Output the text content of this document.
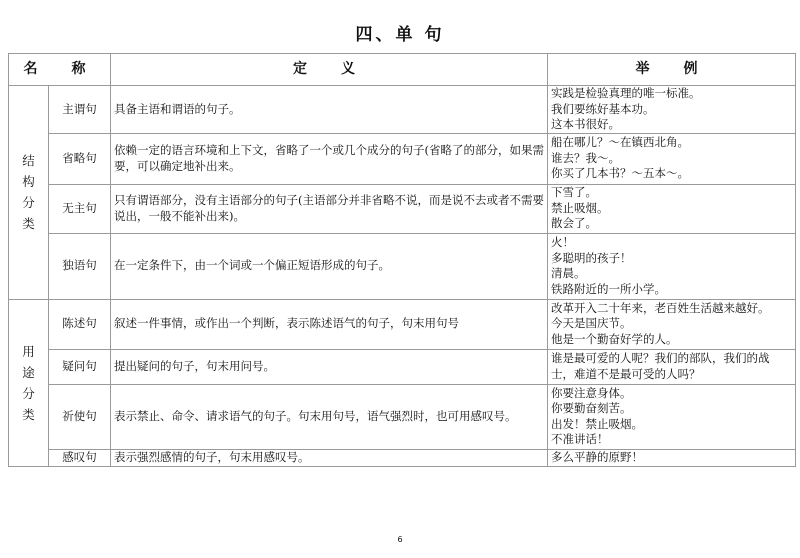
四、单 句
名　称		定　义	举　例
结构分类	主谓句	具备主语和谓语的句子。	实践是检验真理的唯一标准。
我们要练好基本功。
这本书很好。

	省略句	依赖一定的语言环境和上下文，省略了一个或几个成分的句子(省略了的部分，如果需要，可以确定地补出来。	船在哪儿？～在镇西北角。
谁去？我～。
你买了几本书？～五本～。

	无主句	只有谓语部分，没有主语部分的句子(主语部分并非省略不说，而是说不去或者不需要说出，一般不能补出来)。	下雪了。
禁止吸烟。
散会了。

	独语句	在一定条件下，由一个词或一个偏正短语形成的句子。	火！
多聪明的孩子！
清晨。
铁路附近的一所小学。

用途分类	陈述句	叙述一件事情，或作出一个判断，表示陈述语气的句子，句末用句号	改革开入二十年来，老百姓生活越来越好。
今天是国庆节。
他是一个勤奋好学的人。

	疑问句	提出疑问的句子，句末用问号。	谁是最可爱的人呢？我们的部队，我们的战士，难道不是最可受的人吗？

	祈使句	表示禁止、命令、请求语气的句子。句末用句号，语气强烈时，也可用感叹号。	你要注意身体。
你要勤奋刻苦。
出发！禁止吸烟。
不准讲话！

	感叹句	表示强烈感情的句子，句末用感叹号。	多么平静的原野！
6
